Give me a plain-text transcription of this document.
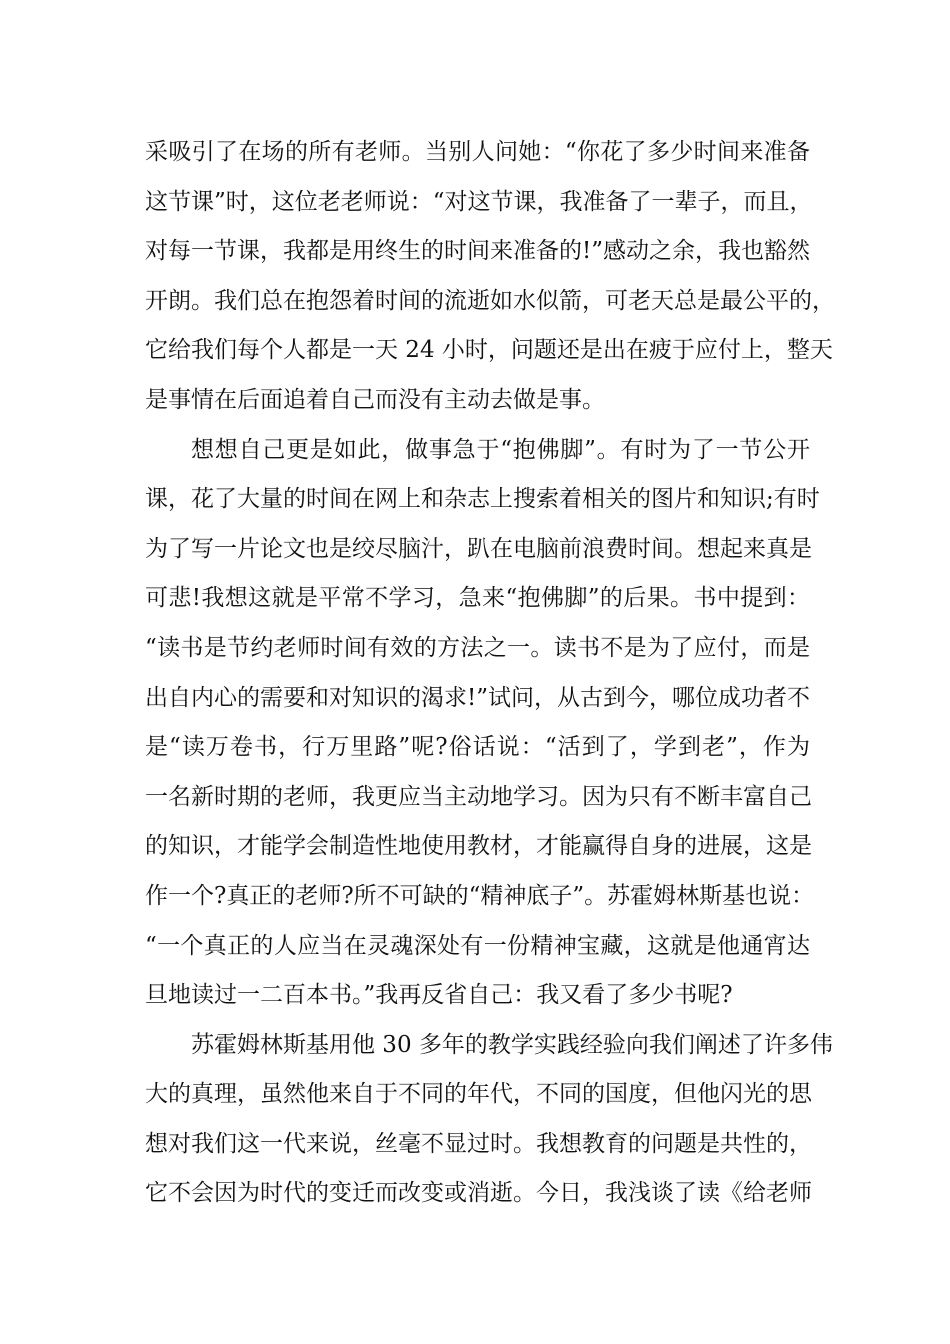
采吸引了在场的所有老师。当别人问她：“你花了多少时间来准备
这节课”时，这位老老师说：“对这节课，我准备了一辈子，而且，
对每一节课，我都是用终生的时间来准备的!”感动之余，我也豁然
开朗。我们总在抱怨着时间的流逝如水似箭，可老天总是最公平的，
它给我们每个人都是一天 24 小时，问题还是出在疲于应付上，整天
是事情在后面追着自己而没有主动去做是事。
想想自己更是如此，做事急于“抱佛脚”。有时为了一节公开
课，花了大量的时间在网上和杂志上搜索着相关的图片和知识;有时
为了写一片论文也是绞尽脑汁，趴在电脑前浪费时间。想起来真是
可悲!我想这就是平常不学习，急来“抱佛脚”的后果。书中提到：
“读书是节约老师时间有效的方法之一。读书不是为了应付，而是
出自内心的需要和对知识的渴求!”试问，从古到今，哪位成功者不
是“读万卷书，行万里路”呢?俗话说：“活到了，学到老”，作为
一名新时期的老师，我更应当主动地学习。因为只有不断丰富自己
的知识，才能学会制造性地使用教材，才能赢得自身的进展，这是
作一个?真正的老师?所不可缺的“精神底子”。苏霍姆林斯基也说：
“一个真正的人应当在灵魂深处有一份精神宝藏，这就是他通宵达
旦地读过一二百本书。”我再反省自己：我又看了多少书呢?
苏霍姆林斯基用他 30 多年的教学实践经验向我们阐述了许多伟
大的真理，虽然他来自于不同的年代，不同的国度，但他闪光的思
想对我们这一代来说，丝毫不显过时。我想教育的问题是共性的，
它不会因为时代的变迁而改变或消逝。今日，我浅谈了读《给老师
